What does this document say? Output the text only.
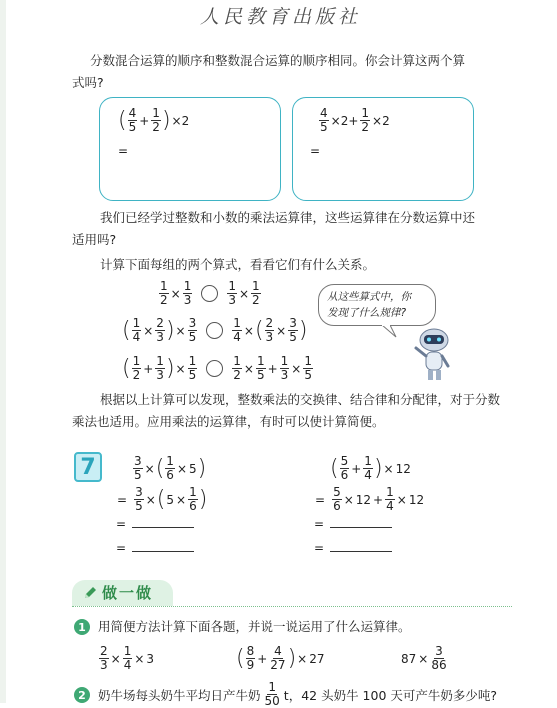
人民教育出版社
分数混合运算的顺序和整数混合运算的顺序相同。你会计算这两个算
式吗?
( $\frac{4}{5} + \frac{1}{2}$ ) ×2
=
$\frac{4}{5} \times 2+ \frac{1}{2} \times 2$
=
我们已经学过整数和小数的乘法运算律，这些运算律在分数运算中还
适用吗?
计算下面每组的两个算式，看看它们有什么关系。
$\frac{1}{2} \times \frac{1}{3}$	$\frac{1}{3} \times \frac{1}{2}$
( $\frac{1}{4} \times \frac{2}{3}$ ) × $\frac{3}{5}$	$\frac{1}{4}$ × ( $\frac{2}{3} \times \frac{3}{5}$ )
( $\frac{1}{2} + \frac{1}{3}$ ) × $\frac{1}{5}$	$\frac{1}{2} \times \frac{1}{5} + \frac{1}{3} \times \frac{1}{5}$
从这些算式中，你
发现了什么规律?
根据以上计算可以发现，整数乘法的交换律、结合律和分配律，对于分数
乘法也适用。应用乘法的运算律，有时可以使计算简便。
7	$\frac{3}{5}$ × ( $\frac{1}{6} \times 5$ )
= $\frac{3}{5}$ × ( $5 \times \frac{1}{6}$ )
=
=
( $\frac{5}{6} + \frac{1}{4}$ ) × 12
= $\frac{5}{6} \times 12 + \frac{1}{4} \times 12$
=
=
做一做
1 用简便方法计算下面各题，并说一说运用了什么运算律。
$\frac{2}{3} \times \frac{1}{4} \times 3$	( $\frac{8}{9} + \frac{4}{27}$ ) × 27	$87 \times \frac{3}{86}$
2 奶牛场每头奶牛平均日产牛奶 $\frac{1}{50}$ t，42 头奶牛 100 天可产牛奶多少吨?
